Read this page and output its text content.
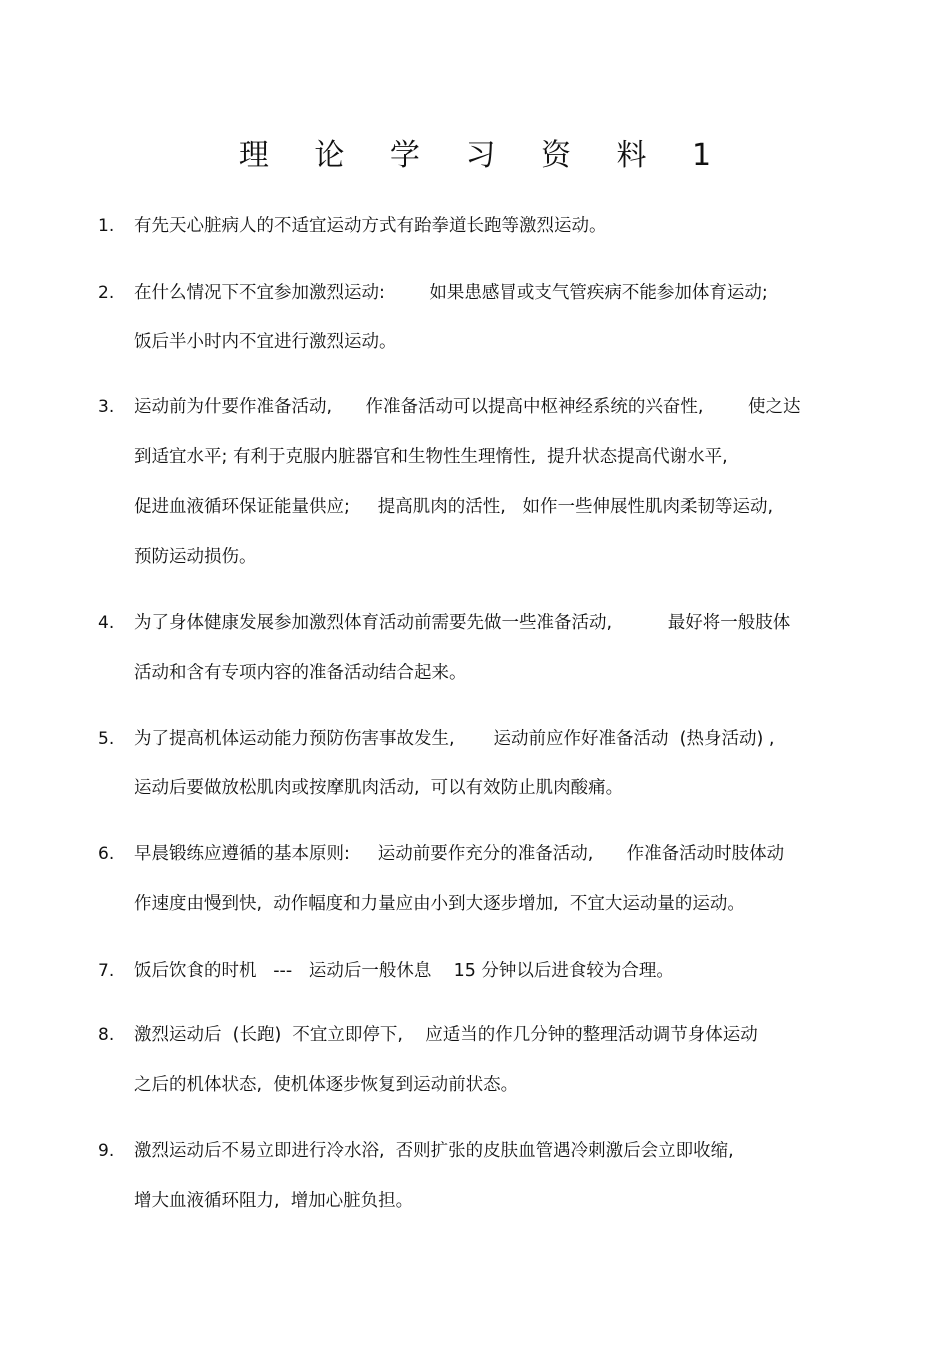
理 论 学 习 资 料 1
1.	有先天心脏病人的不适宜运动方式有跆拳道长跑等激烈运动。
2.	在什么情况下不宜参加激烈运动:        如果患感冒或支气管疾病不能参加体育运动;
饭后半小时内不宜进行激烈运动。
3.	运动前为什要作准备活动,      作准备活动可以提高中枢神经系统的兴奋性,        使之达
到适宜水平; 有利于克服内脏器官和生物性生理惰性,  提升状态提高代谢水平,
促进血液循环保证能量供应;     提高肌肉的活性,   如作一些伸展性肌肉柔韧等运动,
预防运动损伤。
4.	为了身体健康发展参加激烈体育活动前需要先做一些准备活动,          最好将一般肢体
活动和含有专项内容的准备活动结合起来。
5.	为了提高机体运动能力预防伤害事故发生,       运动前应作好准备活动  (热身活动) ,
运动后要做放松肌肉或按摩肌肉活动,  可以有效防止肌肉酸痛。
6.	早晨锻练应遵循的基本原则:     运动前要作充分的准备活动,      作准备活动时肢体动
作速度由慢到快,  动作幅度和力量应由小到大逐步增加,  不宜大运动量的运动。
7.	饭后饮食的时机   ---   运动后一般休息    15 分钟以后进食较为合理。
8.	激烈运动后  (长跑)  不宜立即停下,    应适当的作几分钟的整理活动调节身体运动
之后的机体状态,  使机体逐步恢复到运动前状态。
9.	激烈运动后不易立即进行冷水浴,  否则扩张的皮肤血管遇冷刺激后会立即收缩,
增大血液循环阻力,  增加心脏负担。
